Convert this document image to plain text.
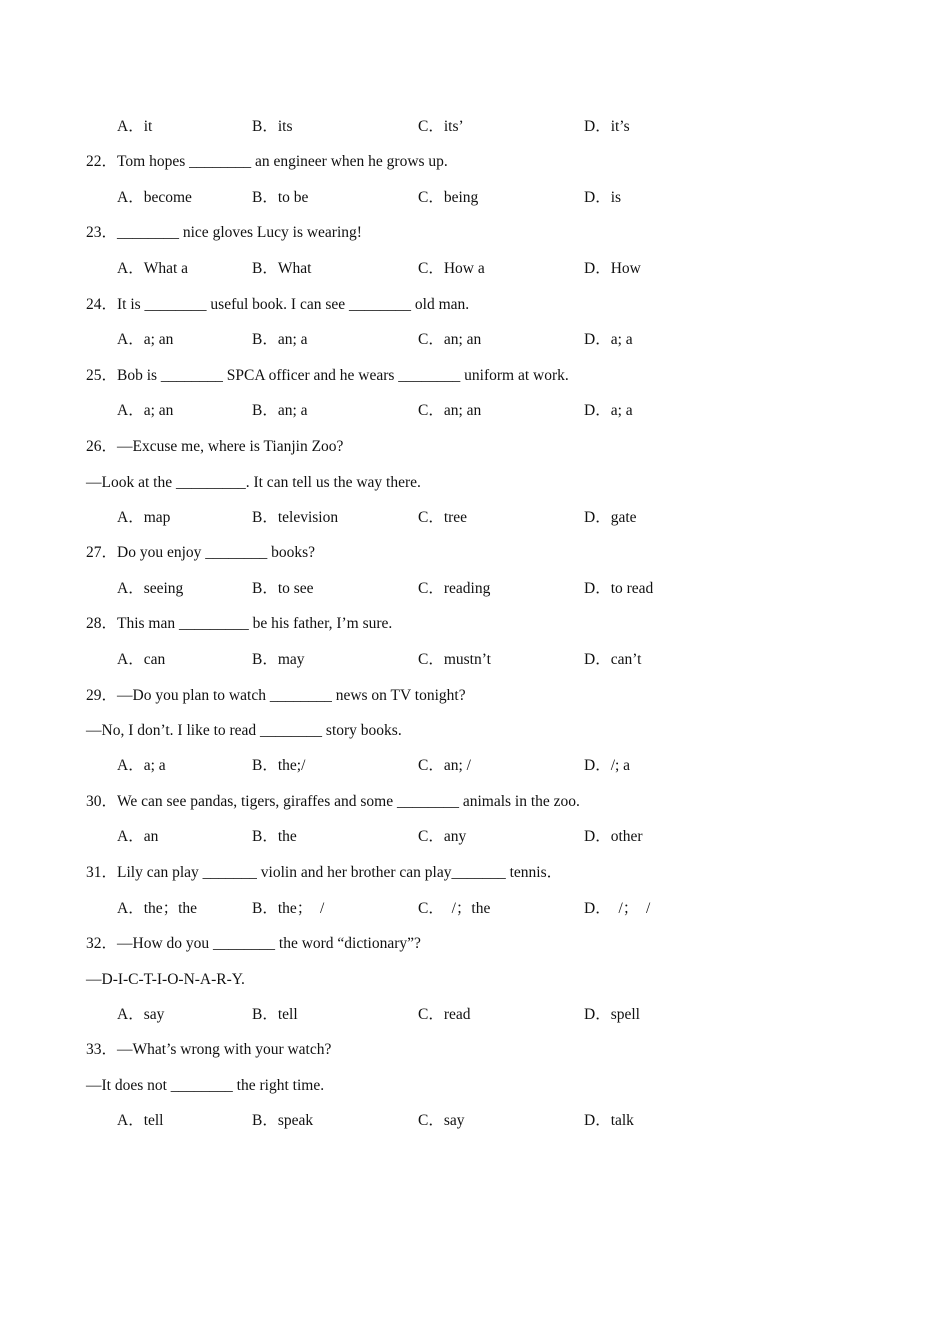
A．it	B．its	C．its’	D．it’s
22．Tom hopes ________ an engineer when he grows up.
A．become	B．to be	C．being	D．is
23．________ nice gloves Lucy is wearing!
A．What a	B．What	C．How a	D．How
24．It is ________ useful book. I can see ________ old man.
A．a; an	B．an; a	C．an; an	D．a; a
25．Bob is ________ SPCA officer and he wears ________ uniform at work.
A．a; an	B．an; a	C．an; an	D．a; a
26．—Excuse me, where is Tianjin Zoo?
—Look at the _________. It can tell us the way there.
A．map	B．television	C．tree	D．gate
27．Do you enjoy ________ books?
A．seeing	B．to see	C．reading	D．to read
28．This man _________ be his father, I’m sure.
A．can	B．may	C．mustn’t	D．can’t
29．—Do you plan to watch ________ news on TV tonight?
—No, I don’t. I like to read ________ story books.
A．a; a	B．the;/	C．an; /	D．/; a
30．We can see pandas, tigers, giraffes and some ________ animals in the zoo.
A．an	B．the	C．any	D．other
31．Lily can play _______ violin and her brother can play_______ tennis．
A．the；the	B．the；  /	C．  /；the	D．  /；  /
32．—How do you ________ the word “dictionary”?
—D-I-C-T-I-O-N-A-R-Y.
A．say	B．tell	C．read	D．spell
33．—What’s wrong with your watch?
—It does not ________ the right time.
A．tell	B．speak	C．say	D．talk
